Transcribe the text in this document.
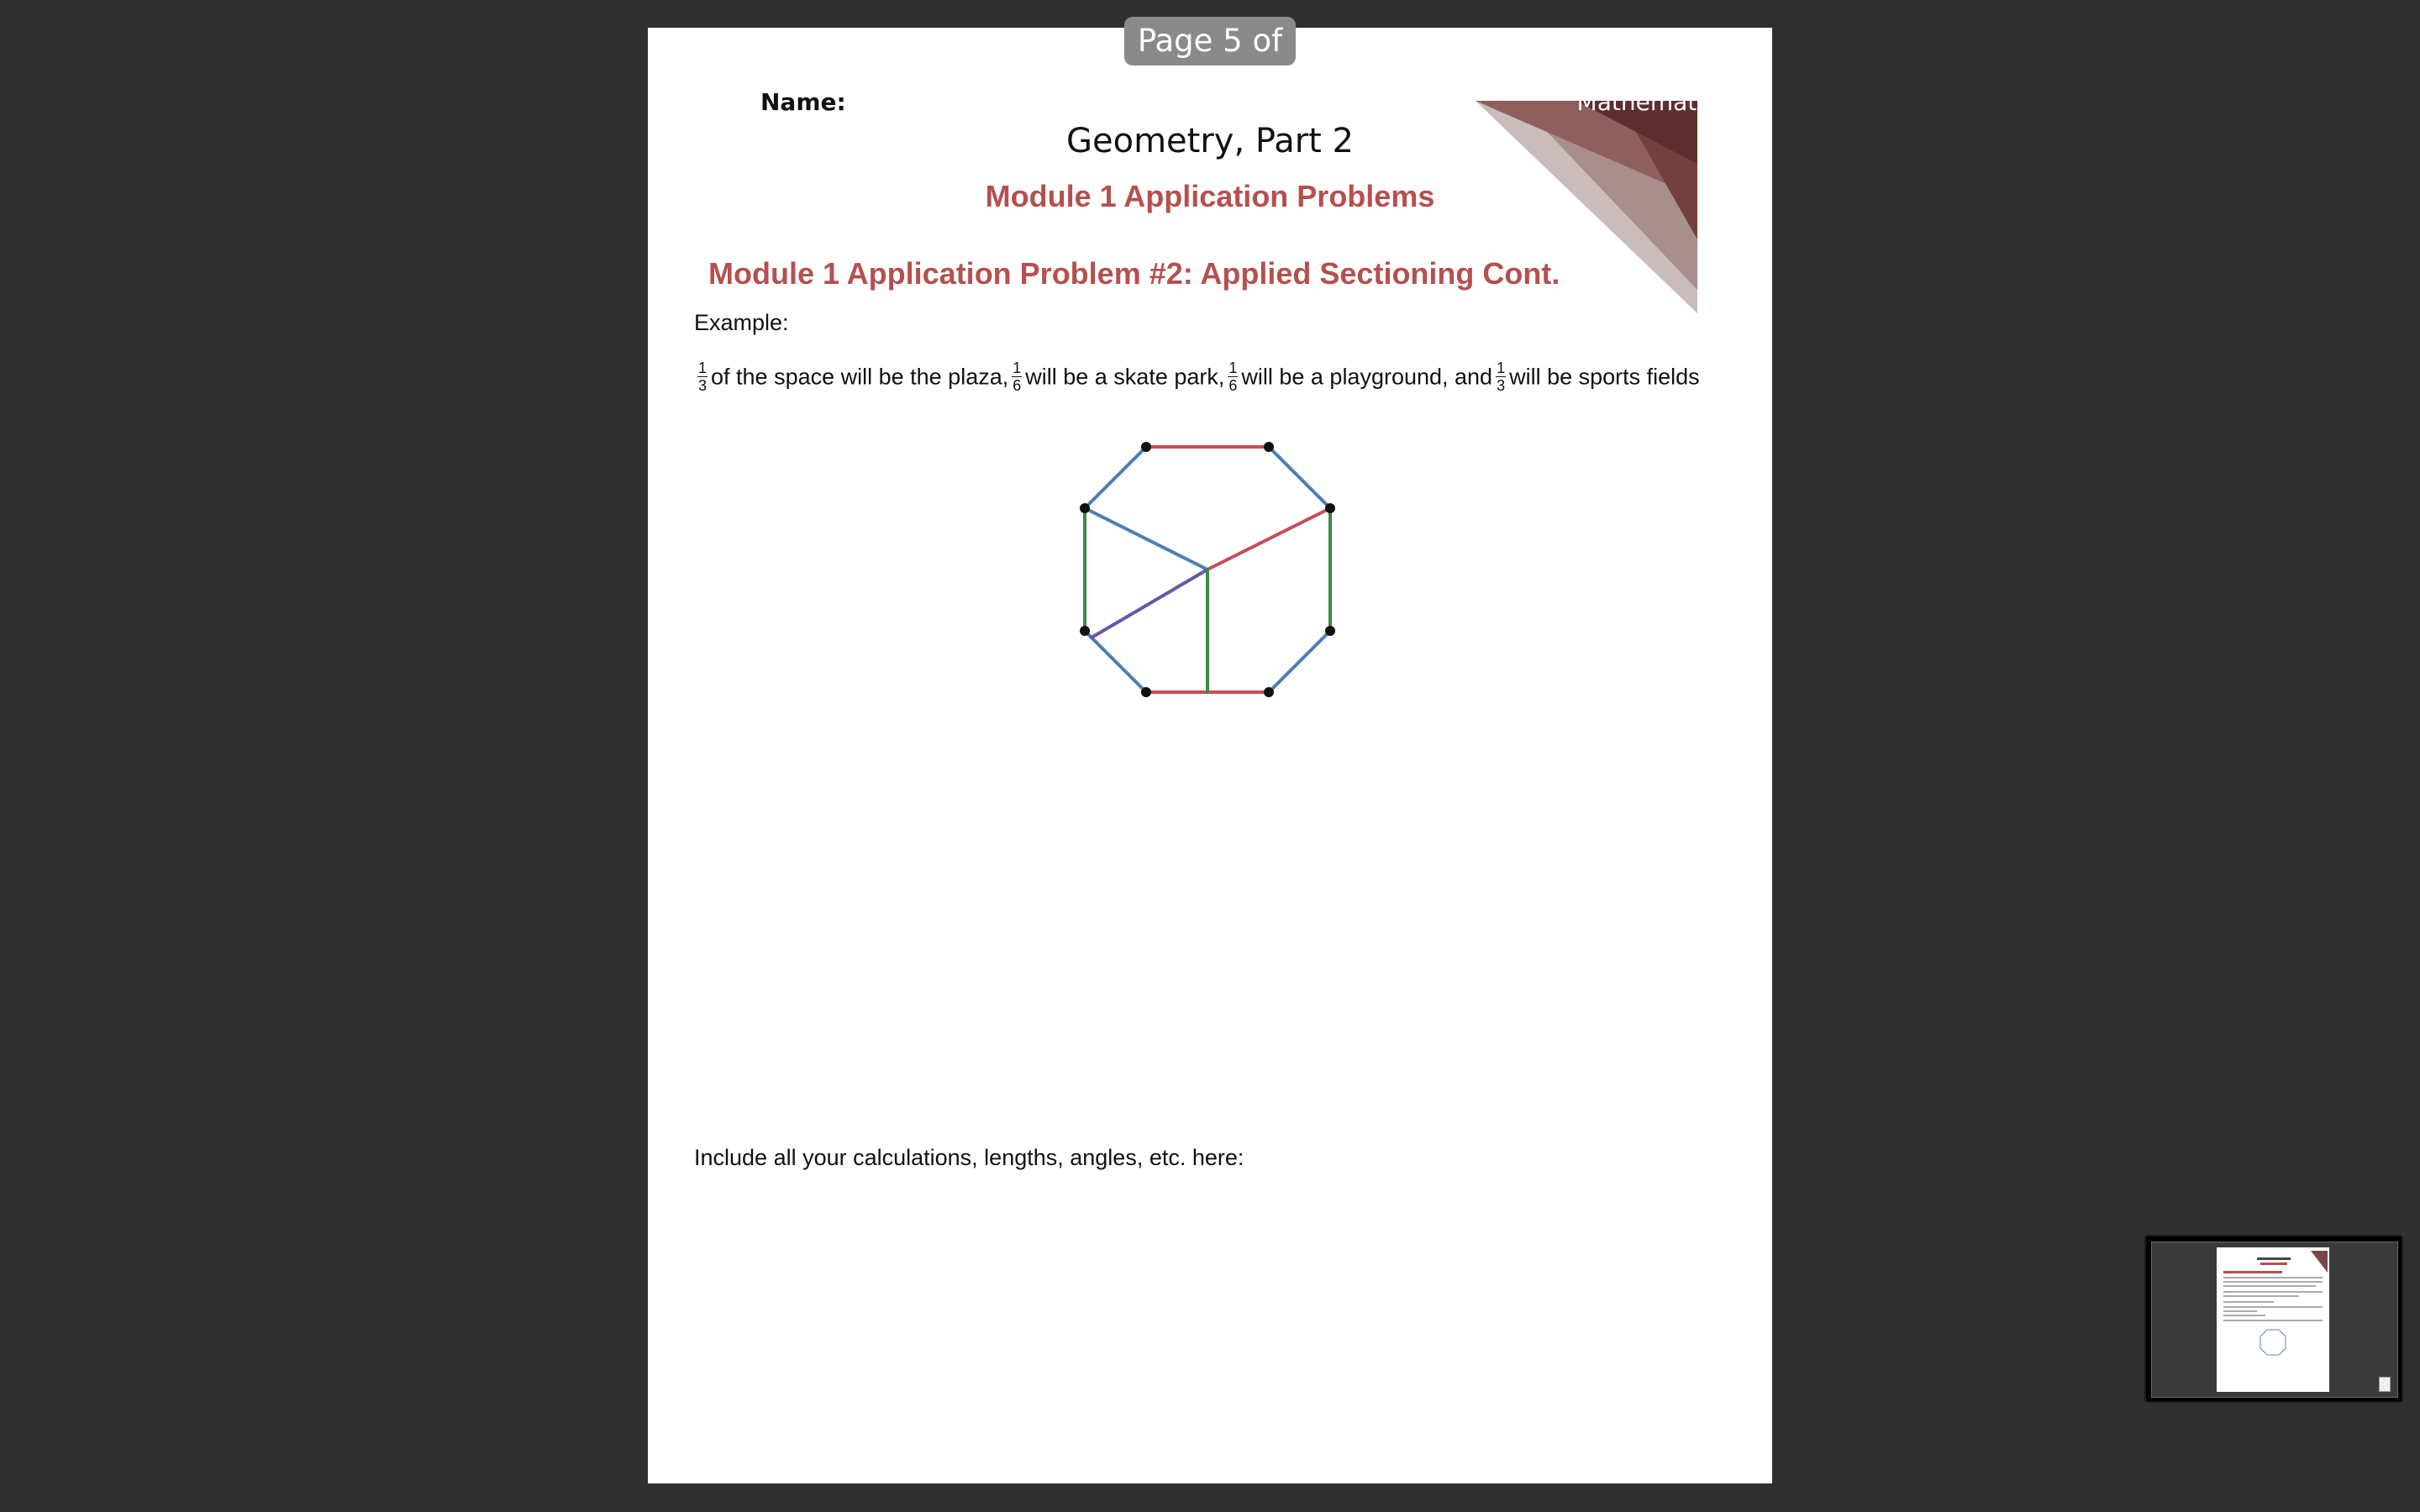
Page 5 of 8	Mathematics
Name:
Geometry, Part 2
Module 1 Application Problems
Module 1 Application Problem #2: Applied Sectioning Cont.
Example:
$\frac{1}{3}$ of the space will be the plaza, $\frac{1}{6}$ will be a skate park, $\frac{1}{6}$ will be a playground, and $\frac{1}{3}$ will be sports fields
Include all your calculations, lengths, angles, etc. here:
